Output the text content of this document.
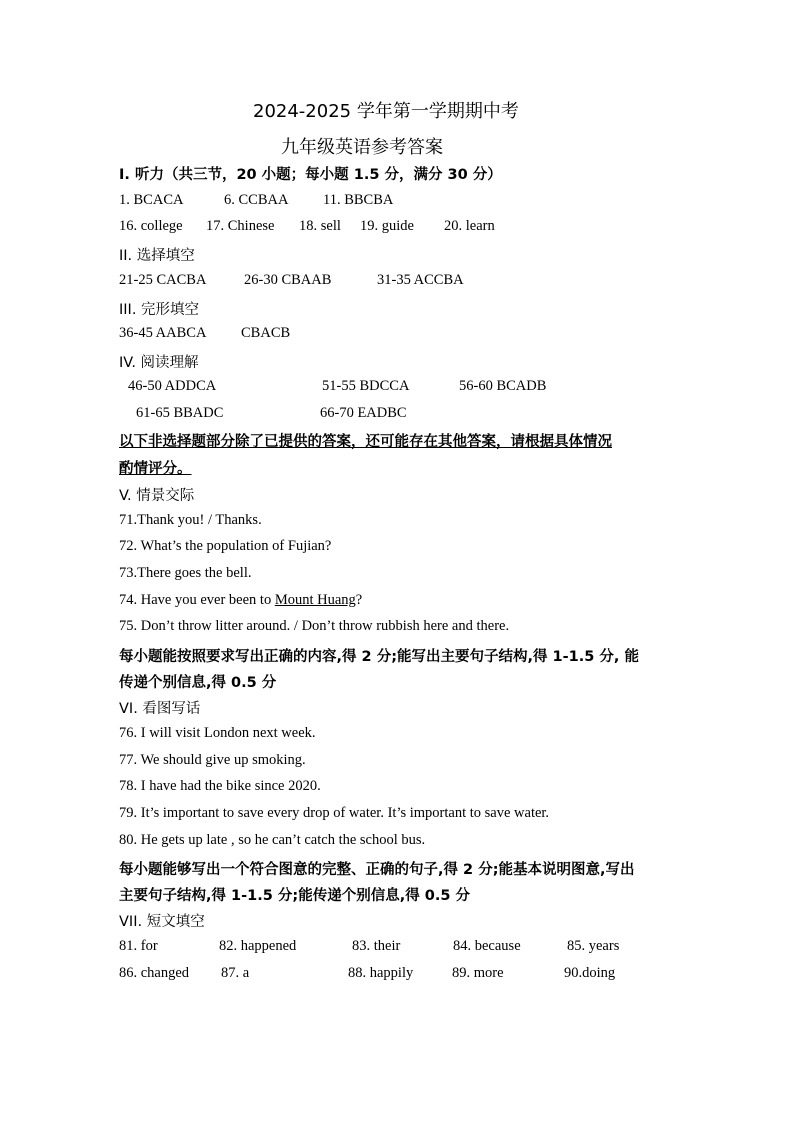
2024-2025 学年第一学期期中考
九年级英语参考答案
Ⅰ. 听力（共三节，20 小题；每小题 1.5 分，满分 30 分）
1. BCACA	6. CCBAA 11. BBCBA
16. college 17. Chinese 18. sell 19. guide 20. learn
II. 选择填空
21-25 CACBA	26-30 CBAAB	31-35 ACCBA
III. 完形填空
36-45 AABCA CBACB
IV. 阅读理解
46-50 ADDCA	51-55 BDCCA	56-60 BCADB
61-65 BBADC	66-70 EADBC
以下非选择题部分除了已提供的答案，还可能存在其他答案，请根据具体情况
酌情评分。
V. 情景交际
71.Thank you! / Thanks.
72. What’s the population of Fujian?
73.There goes the bell.
74. Have you ever been to Mount Huang?
75. Don’t throw litter around. / Don’t throw rubbish here and there.
每小题能按照要求写出正确的内容,得 2 分;能写出主要句子结构,得 1-1.5 分, 能
传递个别信息,得 0.5 分
VI. 看图写话
76. I will visit London next week.
77. We should give up smoking.
78. I have had the bike since 2020.
79. It’s important to save every drop of water. It’s important to save water.
80. He gets up late , so he can’t catch the school bus.
每小题能够写出一个符合图意的完整、正确的句子,得 2 分;能基本说明图意,写出
主要句子结构,得 1-1.5 分;能传递个别信息,得 0.5 分
VII. 短文填空
81. for	82. happened	83. their	84. because	85. years
86. changed 87. a	88. happily	89. more	90.doing
